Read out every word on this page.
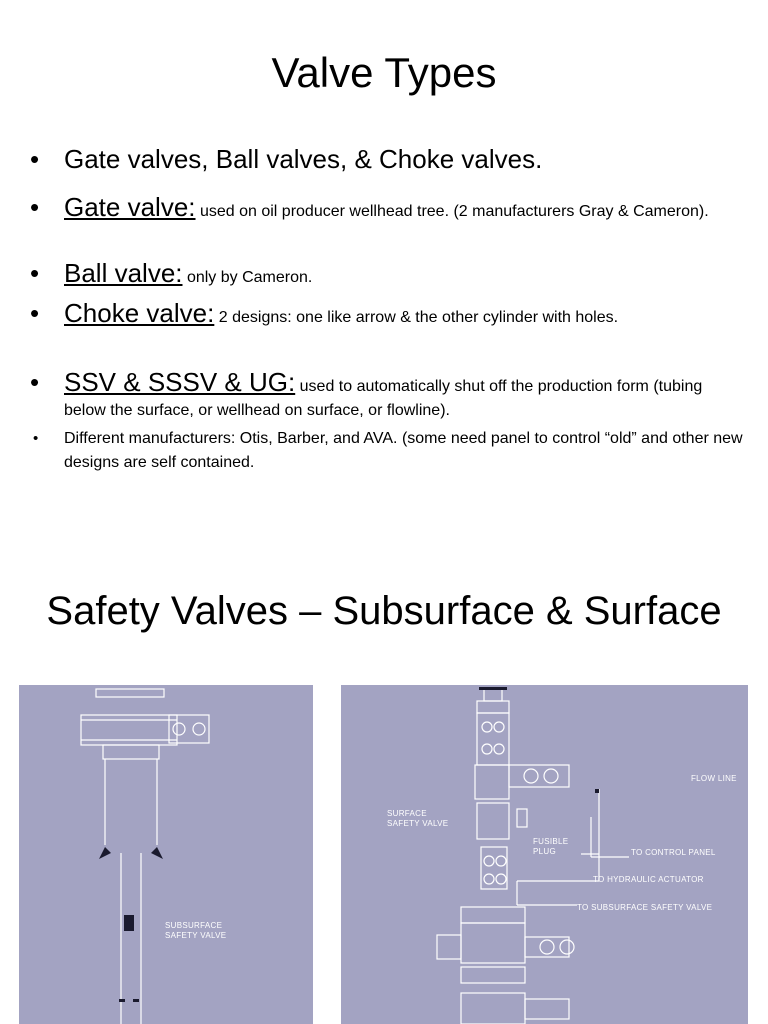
Valve Types
• Gate valves, Ball valves, & Choke valves.
• Gate valve: used on oil producer wellhead tree. (2 manufacturers Gray & Cameron).
• Ball valve: only by Cameron.
• Choke valve: 2 designs: one like arrow & the other cylinder with holes.
• SSV & SSSV & UG: used to automatically shut off the production form (tubing below the surface, or wellhead on surface, or flowline).
• Different manufacturers: Otis, Barber, and AVA. (some need panel to control “old” and other new designs are self contained.
Safety Valves – Subsurface & Surface
SUBSURFACE
SAFETY VALVE
FLOW LINE
SURFACE
SAFETY VALVE
FUSIBLE
PLUG	TO CONTROL PANEL
TO HYDRAULIC ACTUATOR
TO SUBSURFACE SAFETY VALVE
